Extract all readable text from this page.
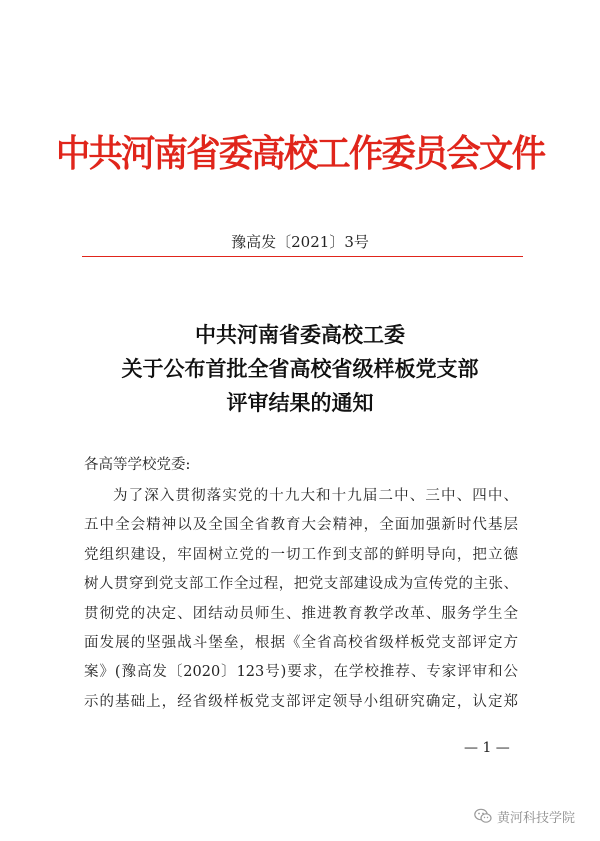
中共河南省委高校工作委员会文件
豫高发〔2021〕3号
中共河南省委高校工委
关于公布首批全省高校省级样板党支部
评审结果的通知
各高等学校党委:
为了深入贯彻落实党的十九大和十九届二中、三中、四中、
五中全会精神以及全国全省教育大会精神，全面加强新时代基层
党组织建设，牢固树立党的一切工作到支部的鲜明导向，把立德
树人贯穿到党支部工作全过程，把党支部建设成为宣传党的主张、
贯彻党的决定、团结动员师生、推进教育教学改革、服务学生全
面发展的坚强战斗堡垒，根据《全省高校省级样板党支部评定方
案》(豫高发〔2020〕123号)要求，在学校推荐、专家评审和公
示的基础上，经省级样板党支部评定领导小组研究确定，认定郑
— 1 —
黄河科技学院
